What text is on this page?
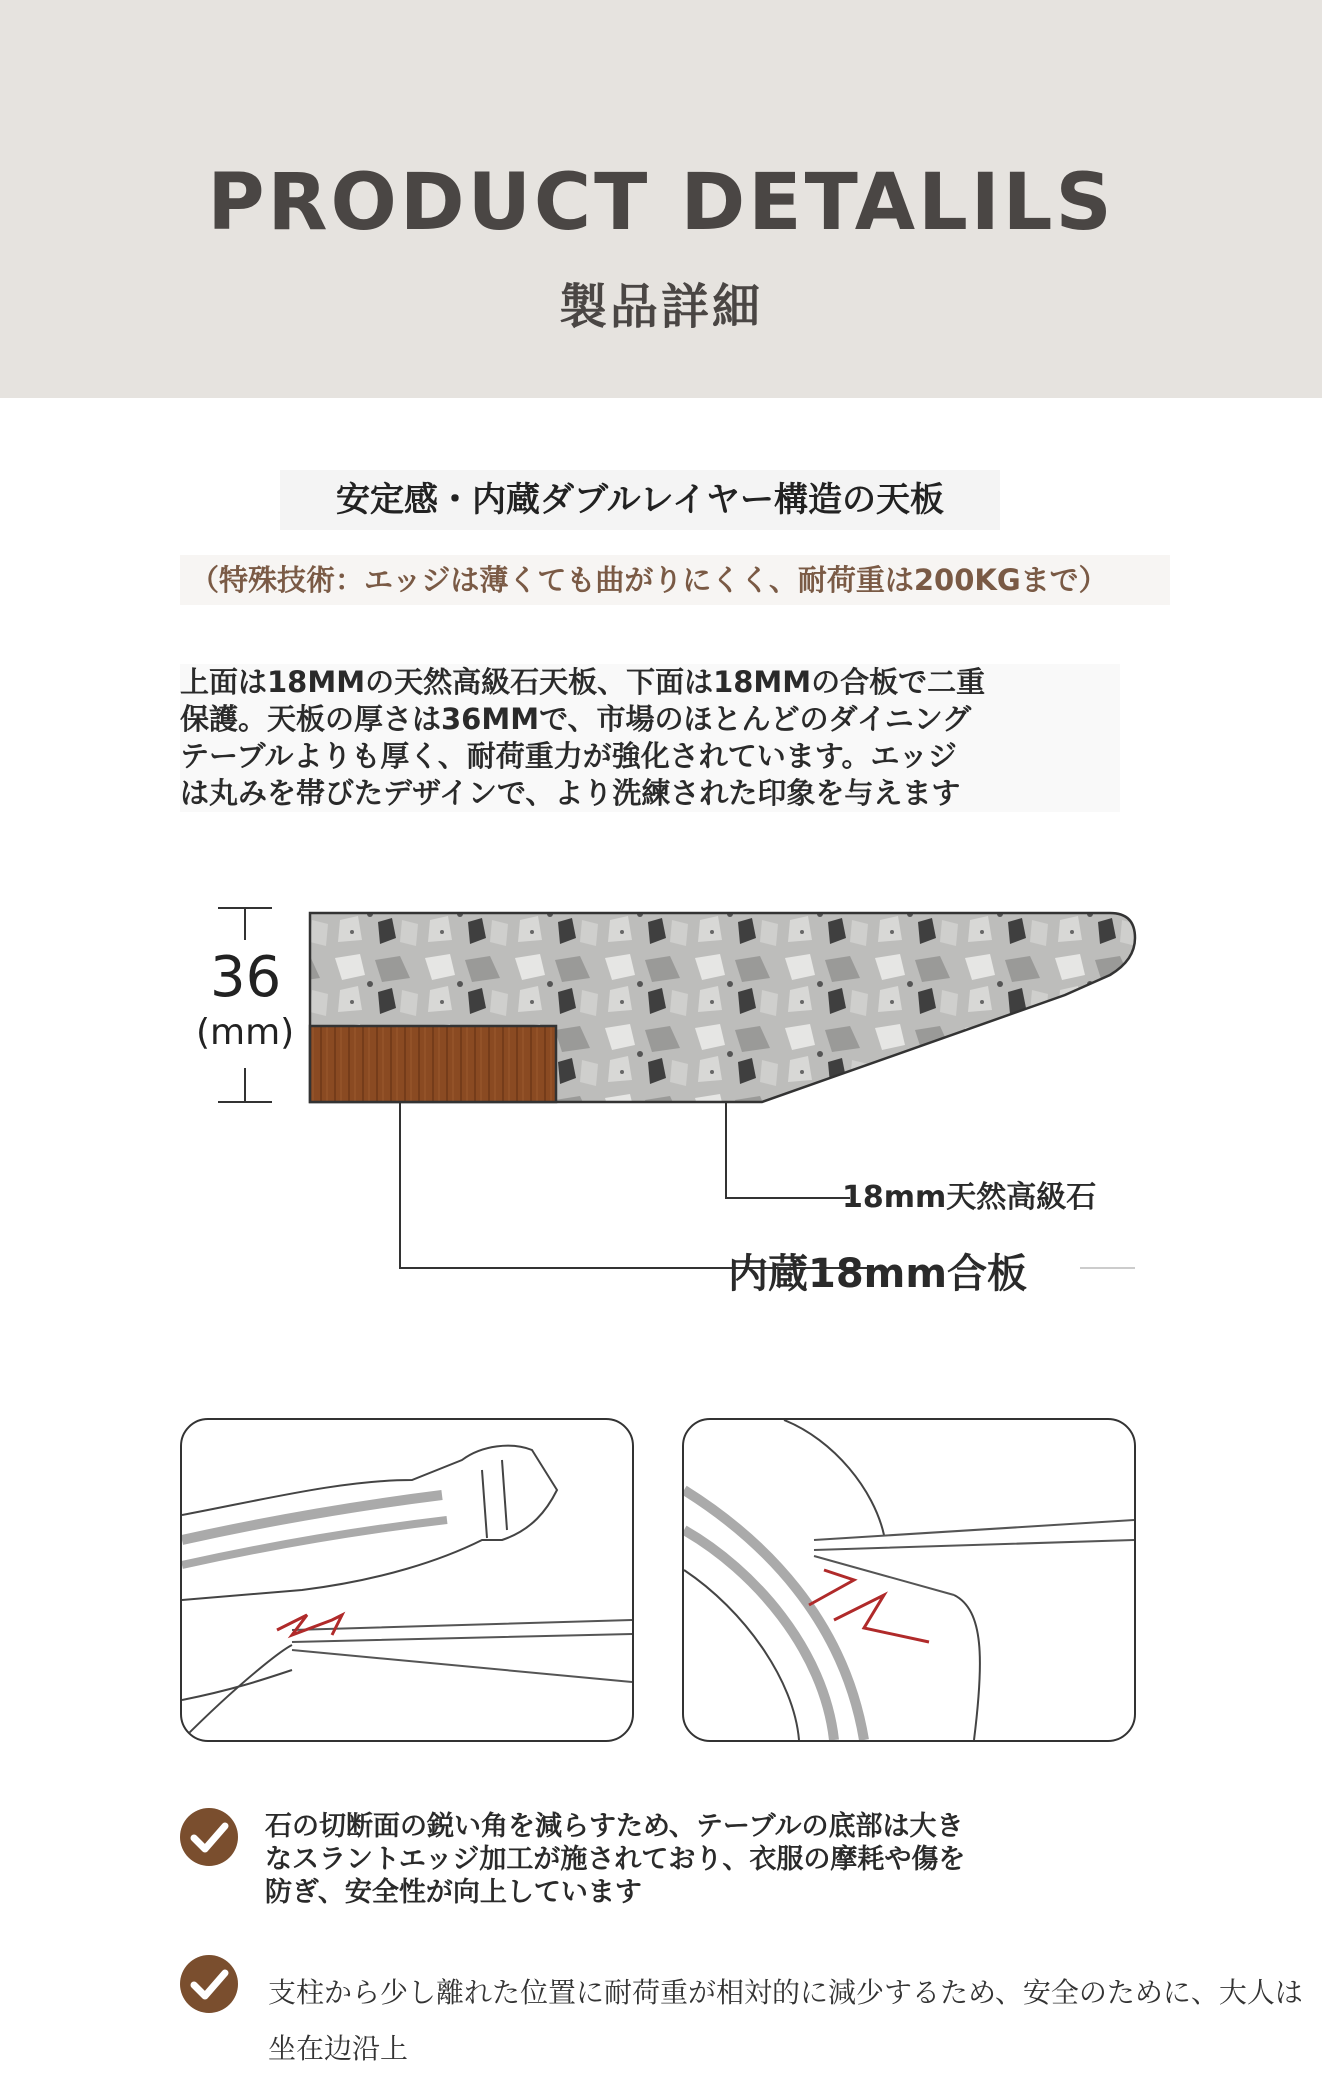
PRODUCT DETALILS
製品詳細
安定感・内蔵ダブルレイヤー構造の天板
（特殊技術：エッジは薄くても曲がりにくく、耐荷重は200KGまで）
上面は18MMの天然高級石天板、下面は18MMの合板で二重
保護。天板の厚さは36MMで、市場のほとんどのダイニング
テーブルよりも厚く、耐荷重力が強化されています。エッジ
は丸みを帯びたデザインで、より洗練された印象を与えます
36
(mm)
18mm天然高級石
内蔵18mm合板
石の切断面の鋭い角を減らすため、テーブルの底部は大き
なスラントエッジ加工が施されており、衣服の摩耗や傷を
防ぎ、安全性が向上しています
支柱から少し離れた位置に耐荷重が相対的に減少するため、安全のために、大人は
坐在边沿上
